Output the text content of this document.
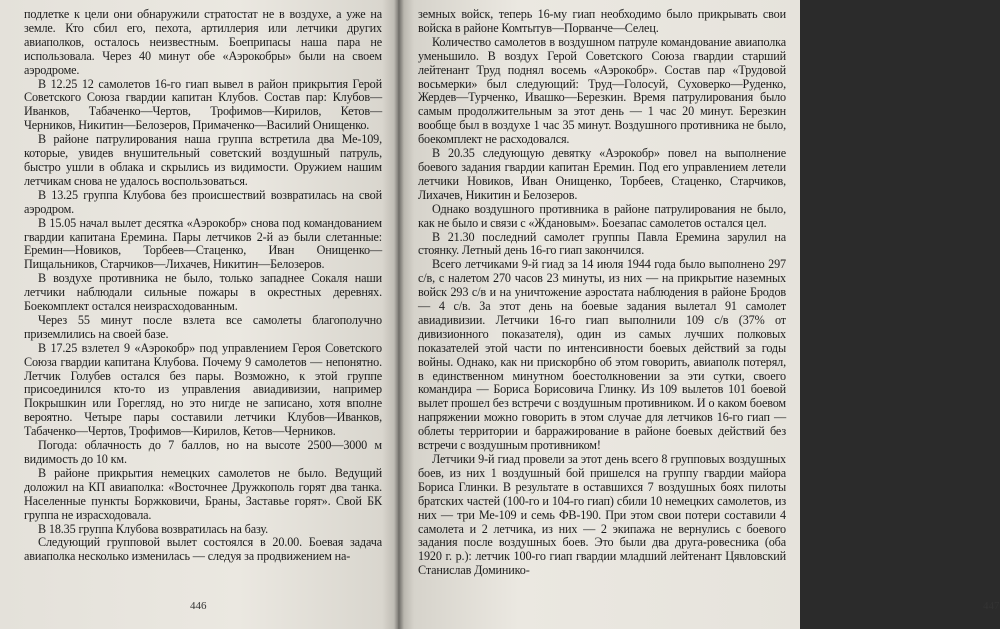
подлетке к цели они обнаружили стратостат не в воздухе, а уже на земле. Кто сбил его, пехота, артиллерия или летчики других авиаполков, осталось неизвестным. Боеприпасы наша пара не использовала. Через 40 минут обе «Аэрокобры» были на своем аэродроме.

В 12.25 12 самолетов 16-го гиап вывел в район прикрытия Герой Советского Союза гвардии капитан Клубов. Состав пар: Клубов—Иванков, Табаченко—Чертов, Трофимов—Кирилов, Кетов—Черников, Никитин—Белозеров, Примаченко—Василий Онищенко.

В районе патрулирования наша группа встретила два Ме-109, которые, увидев внушительный советский воздушный патруль, быстро ушли в облака и скрылись из видимости. Оружием нашим летчикам снова не удалось воспользоваться.

В 13.25 группа Клубова без происшествий возвратилась на свой аэродром.

В 15.05 начал вылет десятка «Аэрокобр» снова под командованием гвардии капитана Еремина. Пары летчиков 2-й аэ были слетанные: Еремин—Новиков, Торбеев—Стаценко, Иван Онищенко—Пищальников, Старчиков—Лихачев, Никитин—Белозеров.

В воздухе противника не было, только западнее Сокаля наши летчики наблюдали сильные пожары в окрестных деревнях. Боекомплект остался неизрасходованным.

Через 55 минут после взлета все самолеты благополучно приземлились на своей базе.

В 17.25 взлетел 9 «Аэрокобр» под управлением Героя Советского Союза гвардии капитана Клубова. Почему 9 самолетов — непонятно. Летчик Голубев остался без пары. Возможно, к этой группе присоединился кто-то из управления авиадивизии, например Покрышкин или Горегляд, но это нигде не записано, хотя вполне вероятно. Четыре пары составили летчики Клубов—Иванков, Табаченко—Чертов, Трофимов—Кирилов, Кетов—Черников.

Погода: облачность до 7 баллов, но на высоте 2500—3000 м видимость до 10 км.

В районе прикрытия немецких самолетов не было. Ведущий доложил на КП авиаполка: «Восточнее Дружкополь горят два танка. Населенные пункты Боржковичи, Браны, Заставье горят». Свой БК группа не израсходовала.

В 18.35 группа Клубова возвратилась на базу.

Следующий групповой вылет состоялся в 20.00. Боевая задача авиаполка несколько изменилась — следуя за продвижением на-

446

земных войск, теперь 16-му гиап необходимо было прикрывать свои войска в районе Комтытув—Порванче—Селец.

Количество самолетов в воздушном патруле командование авиаполка уменьшило. В воздух Герой Советского Союза гвардии старший лейтенант Труд поднял восемь «Аэрокобр». Состав пар «Трудовой восьмерки» был следующий: Труд—Голосуй, Суховерко—Руденко, Жердев—Турченко, Ивашко—Березкин. Время патрулирования было самым продолжительным за этот день — 1 час 20 минут. Березкин вообще был в воздухе 1 час 35 минут. Воздушного противника не было, боекомплект не расходовался.

В 20.35 следующую девятку «Аэрокобр» повел на выполнение боевого задания гвардии капитан Еремин. Под его управлением летели летчики Новиков, Иван Онищенко, Торбеев, Стаценко, Старчиков, Лихачев, Никитин и Белозеров.

Однако воздушного противника в районе патрулирования не было, как не было и связи с «Ждановым». Боезапас самолетов остался цел.

В 21.30 последний самолет группы Павла Еремина зарулил на стоянку. Летный день 16-го гиап закончился.

Всего летчиками 9-й гиад за 14 июля 1944 года было выполнено 297 с/в, с налетом 270 часов 23 минуты, из них — на прикрытие наземных войск 293 с/в и на уничтожение аэростата наблюдения в районе Бродов — 4 с/в. За этот день на боевые задания вылетал 91 самолет авиадивизии. Летчики 16-го гиап выполнили 109 с/в (37% от дивизионного показателя), один из самых лучших полковых показателей этой части по интенсивности боевых действий за годы войны. Однако, как ни прискорбно об этом говорить, авиаполк потерял, в единственном минутном боестолкновении за эти сутки, своего командира — Бориса Борисовича Глинку. Из 109 вылетов 101 боевой вылет прошел без встречи с воздушным противником. И о каком боевом напряжении можно говорить в этом случае для летчиков 16-го гиап — облеты территории и барражирование в районе боевых действий без встречи с воздушным противником!

Летчики 9-й гиад провели за этот день всего 8 групповых воздушных боев, из них 1 воздушный бой пришелся на группу гвардии майора Бориса Глинки. В результате в оставшихся 7 воздушных боях пилоты братских частей (100-го и 104-го гиап) сбили 10 немецких самолетов, из них — три Ме-109 и семь ФВ-190. При этом свои потери составили 4 самолета и 2 летчика, из них — 2 экипажа не вернулись с боевого задания после воздушных боев. Это были два друга-ровесника (оба 1920 г. р.): летчик 100-го гиап гвардии младший лейтенант Цявловский Станислав Доминико-

447
